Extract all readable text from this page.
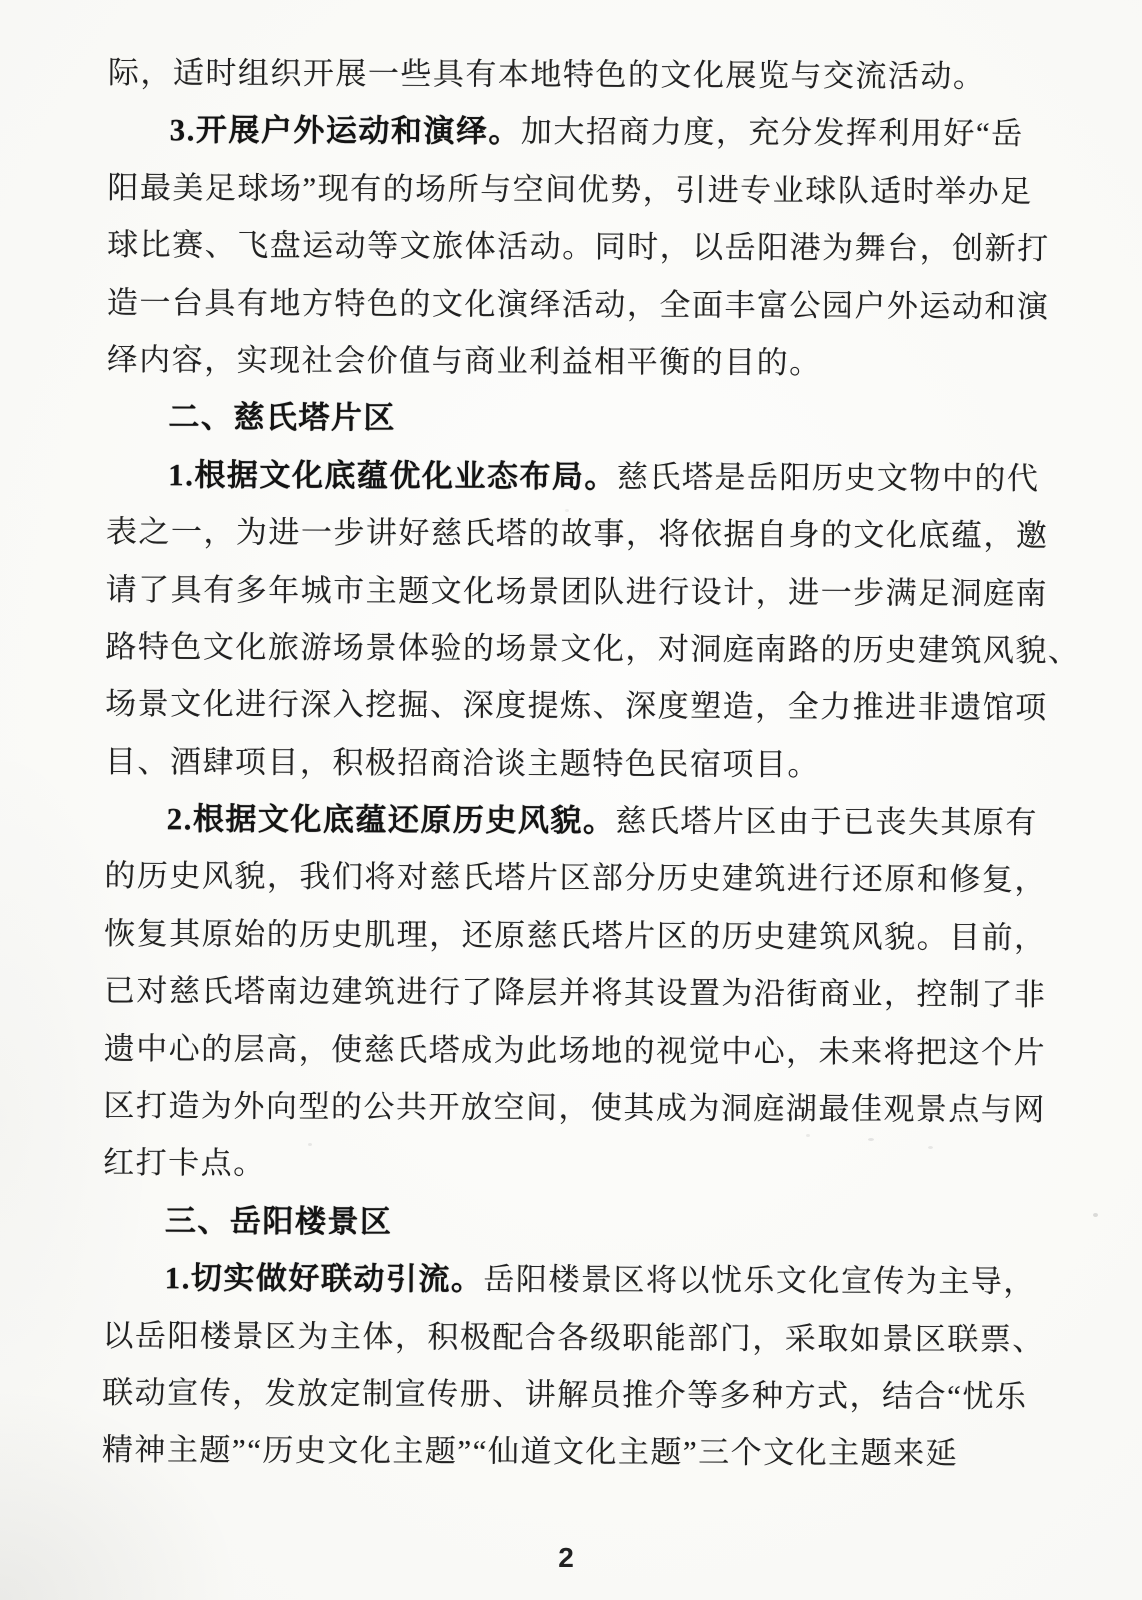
际，适时组织开展一些具有本地特色的文化展览与交流活动。
3.开展户外运动和演绎。加大招商力度，充分发挥利用好“岳
阳最美足球场”现有的场所与空间优势，引进专业球队适时举办足
球比赛、飞盘运动等文旅体活动。同时，以岳阳港为舞台，创新打
造一台具有地方特色的文化演绎活动，全面丰富公园户外运动和演
绎内容，实现社会价值与商业利益相平衡的目的。
二、慈氏塔片区
1.根据文化底蕴优化业态布局。慈氏塔是岳阳历史文物中的代
表之一，为进一步讲好慈氏塔的故事，将依据自身的文化底蕴，邀
请了具有多年城市主题文化场景团队进行设计，进一步满足洞庭南
路特色文化旅游场景体验的场景文化，对洞庭南路的历史建筑风貌、
场景文化进行深入挖掘、深度提炼、深度塑造，全力推进非遗馆项
目、酒肆项目，积极招商洽谈主题特色民宿项目。
2.根据文化底蕴还原历史风貌。慈氏塔片区由于已丧失其原有
的历史风貌，我们将对慈氏塔片区部分历史建筑进行还原和修复，
恢复其原始的历史肌理，还原慈氏塔片区的历史建筑风貌。目前，
已对慈氏塔南边建筑进行了降层并将其设置为沿街商业，控制了非
遗中心的层高，使慈氏塔成为此场地的视觉中心，未来将把这个片
区打造为外向型的公共开放空间，使其成为洞庭湖最佳观景点与网
红打卡点。
三、岳阳楼景区
1.切实做好联动引流。岳阳楼景区将以忧乐文化宣传为主导，
以岳阳楼景区为主体，积极配合各级职能部门，采取如景区联票、
联动宣传，发放定制宣传册、讲解员推介等多种方式，结合“忧乐
精神主题”“历史文化主题”“仙道文化主题”三个文化主题来延
2
